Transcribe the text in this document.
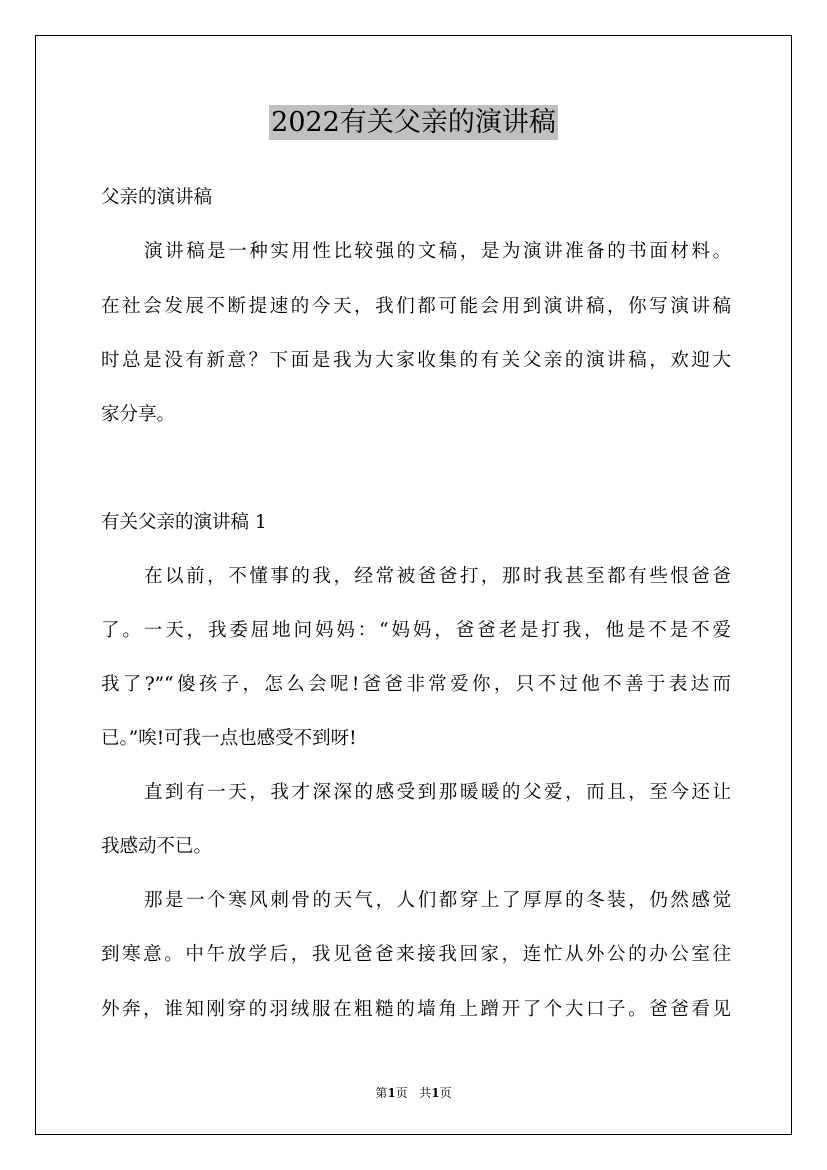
2022有关父亲的演讲稿
父亲的演讲稿
演讲稿是一种实用性比较强的文稿，是为演讲准备的书面材料。
在社会发展不断提速的今天，我们都可能会用到演讲稿，你写演讲稿
时总是没有新意？下面是我为大家收集的有关父亲的演讲稿，欢迎大
家分享。
有关父亲的演讲稿 1
在以前，不懂事的我，经常被爸爸打，那时我甚至都有些恨爸爸
了。一天，我委屈地问妈妈：“妈妈，爸爸老是打我，他是不是不爱
我了?”“傻孩子，怎么会呢!爸爸非常爱你，只不过他不善于表达而
已。”唉!可我一点也感受不到呀!
直到有一天，我才深深的感受到那暖暖的父爱，而且，至今还让
我感动不已。
那是一个寒风刺骨的天气，人们都穿上了厚厚的冬装，仍然感觉
到寒意。中午放学后，我见爸爸来接我回家，连忙从外公的办公室往
外奔，谁知刚穿的羽绒服在粗糙的墙角上蹭开了个大口子。爸爸看见
第1页 共1页
